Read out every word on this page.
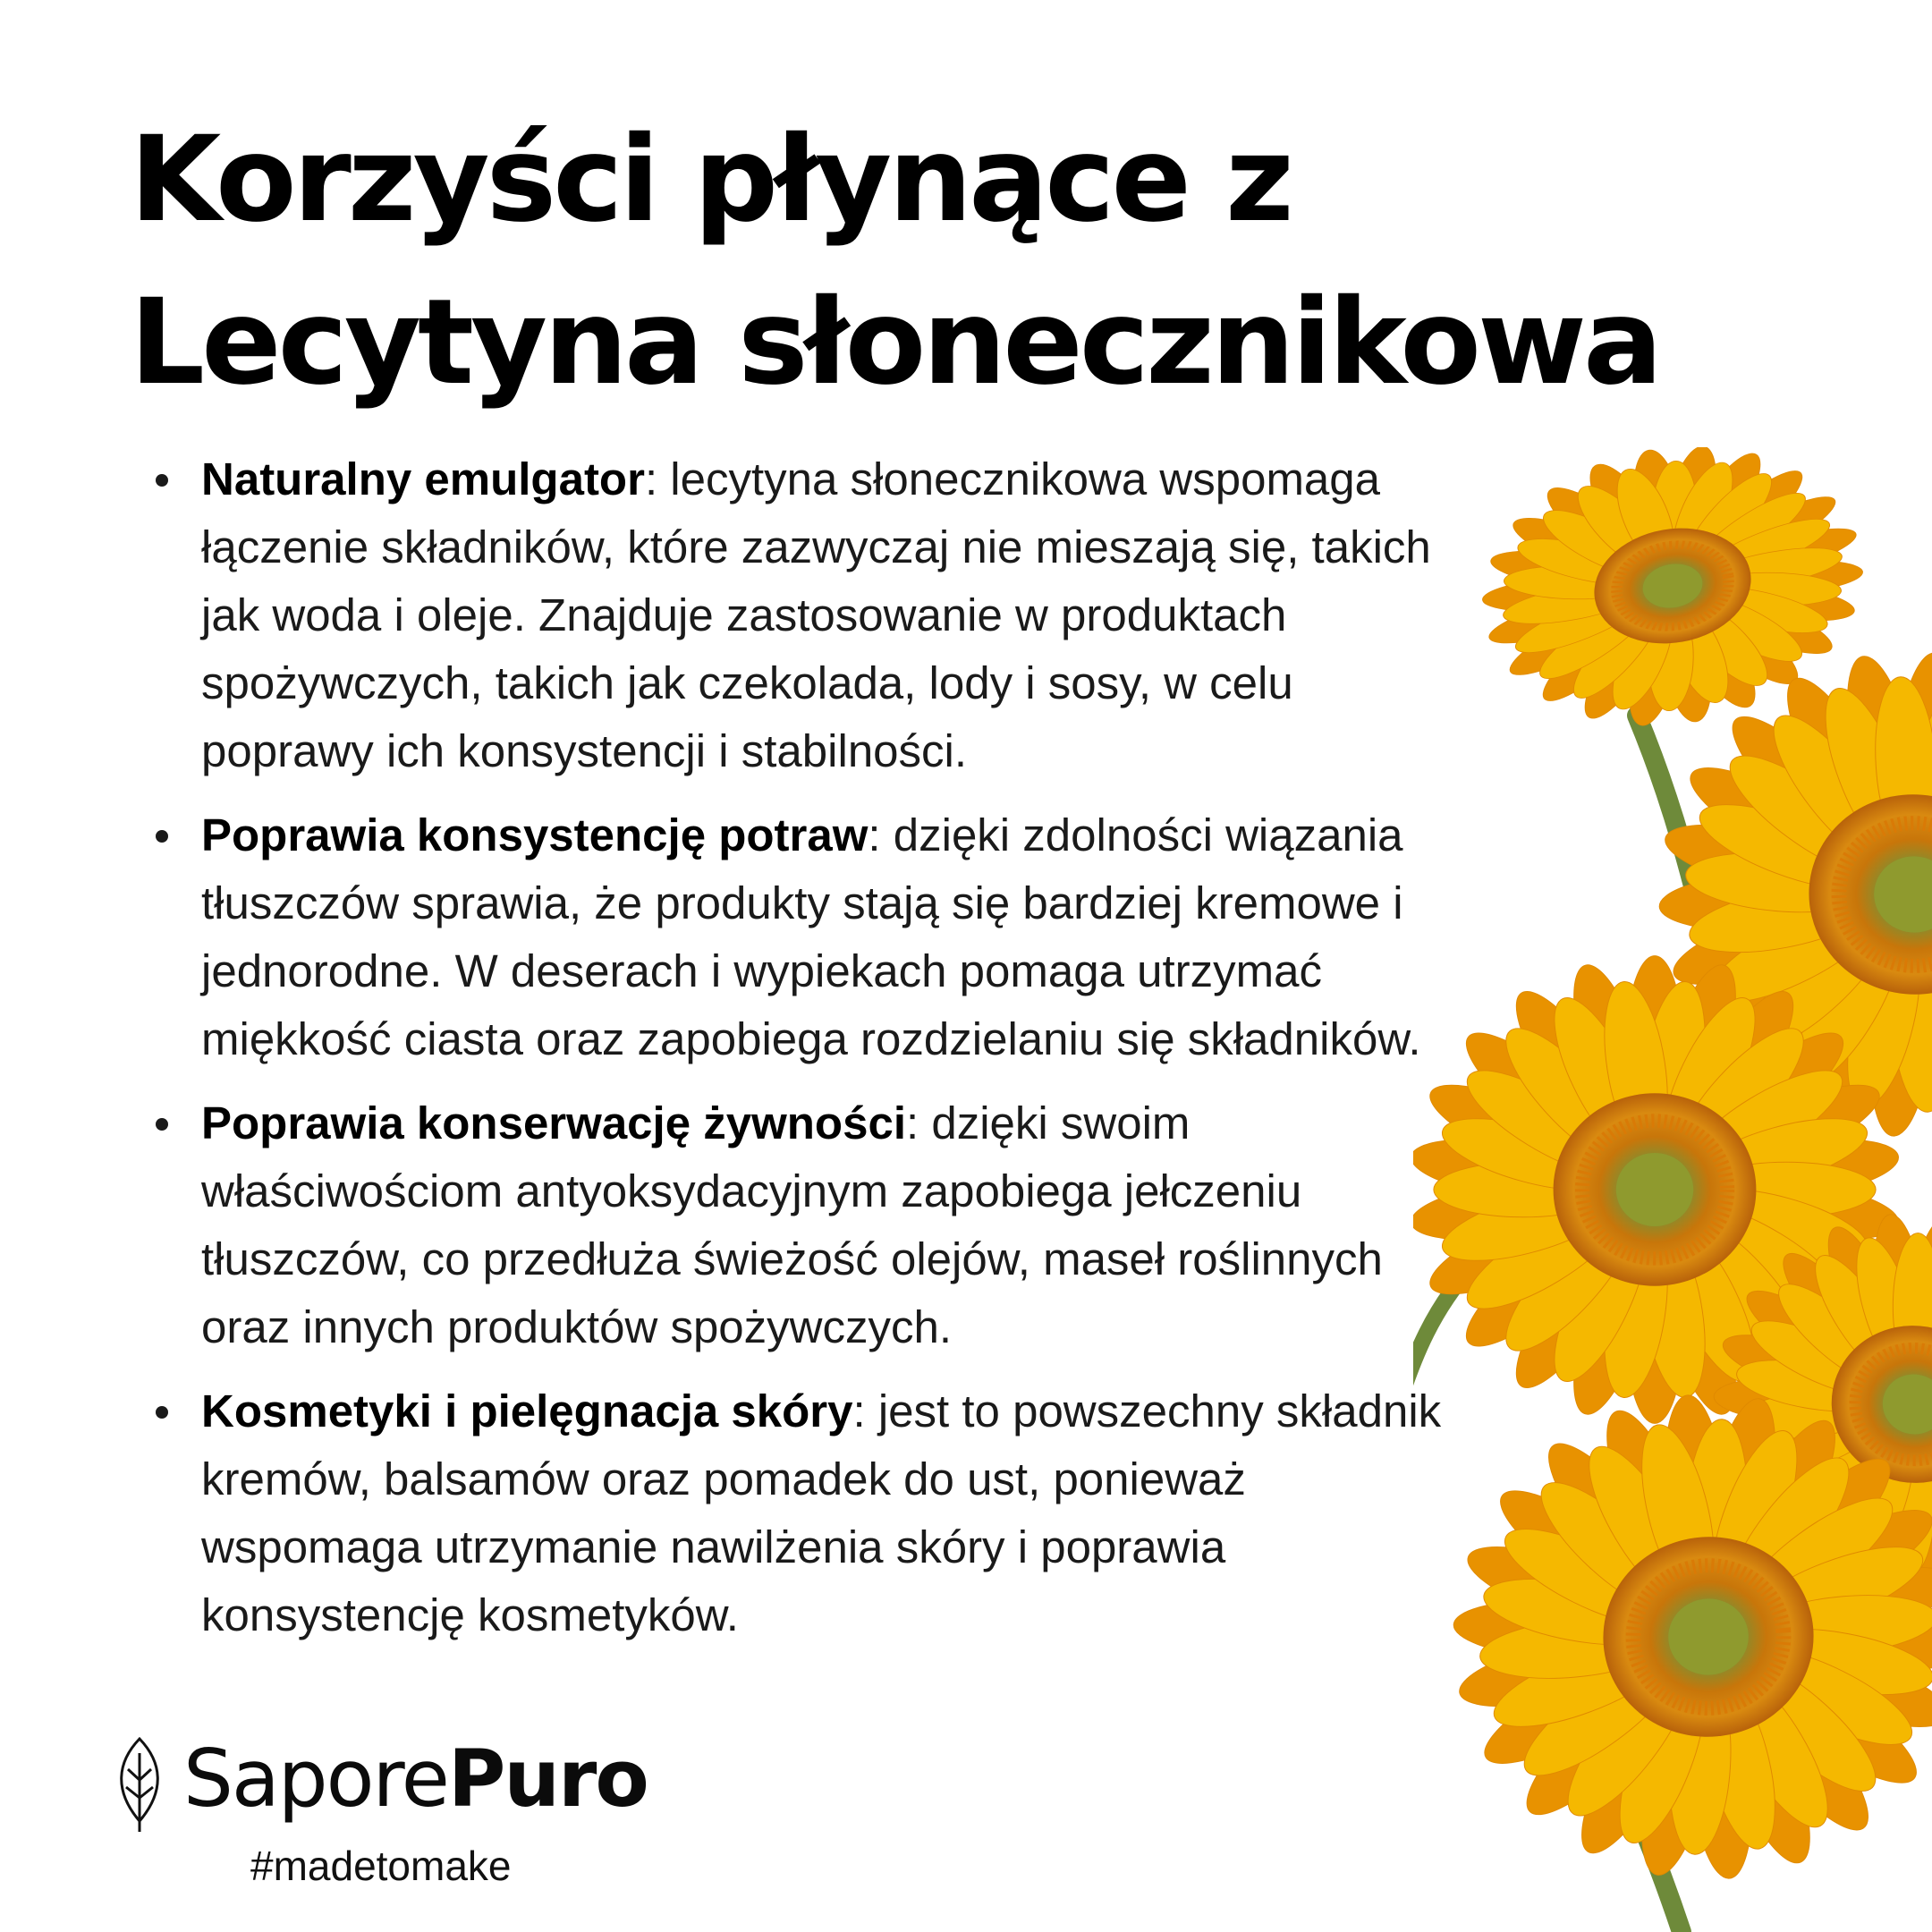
Korzyści płynące z
Lecytyna słonecznikowa
Naturalny emulgator: lecytyna słonecznikowa wspomaga łączenie składników, które zazwyczaj nie mieszają się, takich jak woda i oleje. Znajduje zastosowanie w produktach spożywczych, takich jak czekolada, lody i sosy, w celu poprawy ich konsystencji i stabilności.
Poprawia konsystencję potraw: dzięki zdolności wiązania tłuszczów sprawia, że produkty stają się bardziej kremowe i jednorodne. W deserach i wypiekach pomaga utrzymać miękkość ciasta oraz zapobiega rozdzielaniu się składników.
Poprawia konserwację żywności: dzięki swoim właściwościom antyoksydacyjnym zapobiega jełczeniu tłuszczów, co przedłuża świeżość olejów, maseł roślinnych oraz innych produktów spożywczych.
Kosmetyki i pielęgnacja skóry: jest to powszechny składnik kremów, balsamów oraz pomadek do ust, ponieważ wspomaga utrzymanie nawilżenia skóry i poprawia konsystencję kosmetyków.
SaporePuro
#madetomake
